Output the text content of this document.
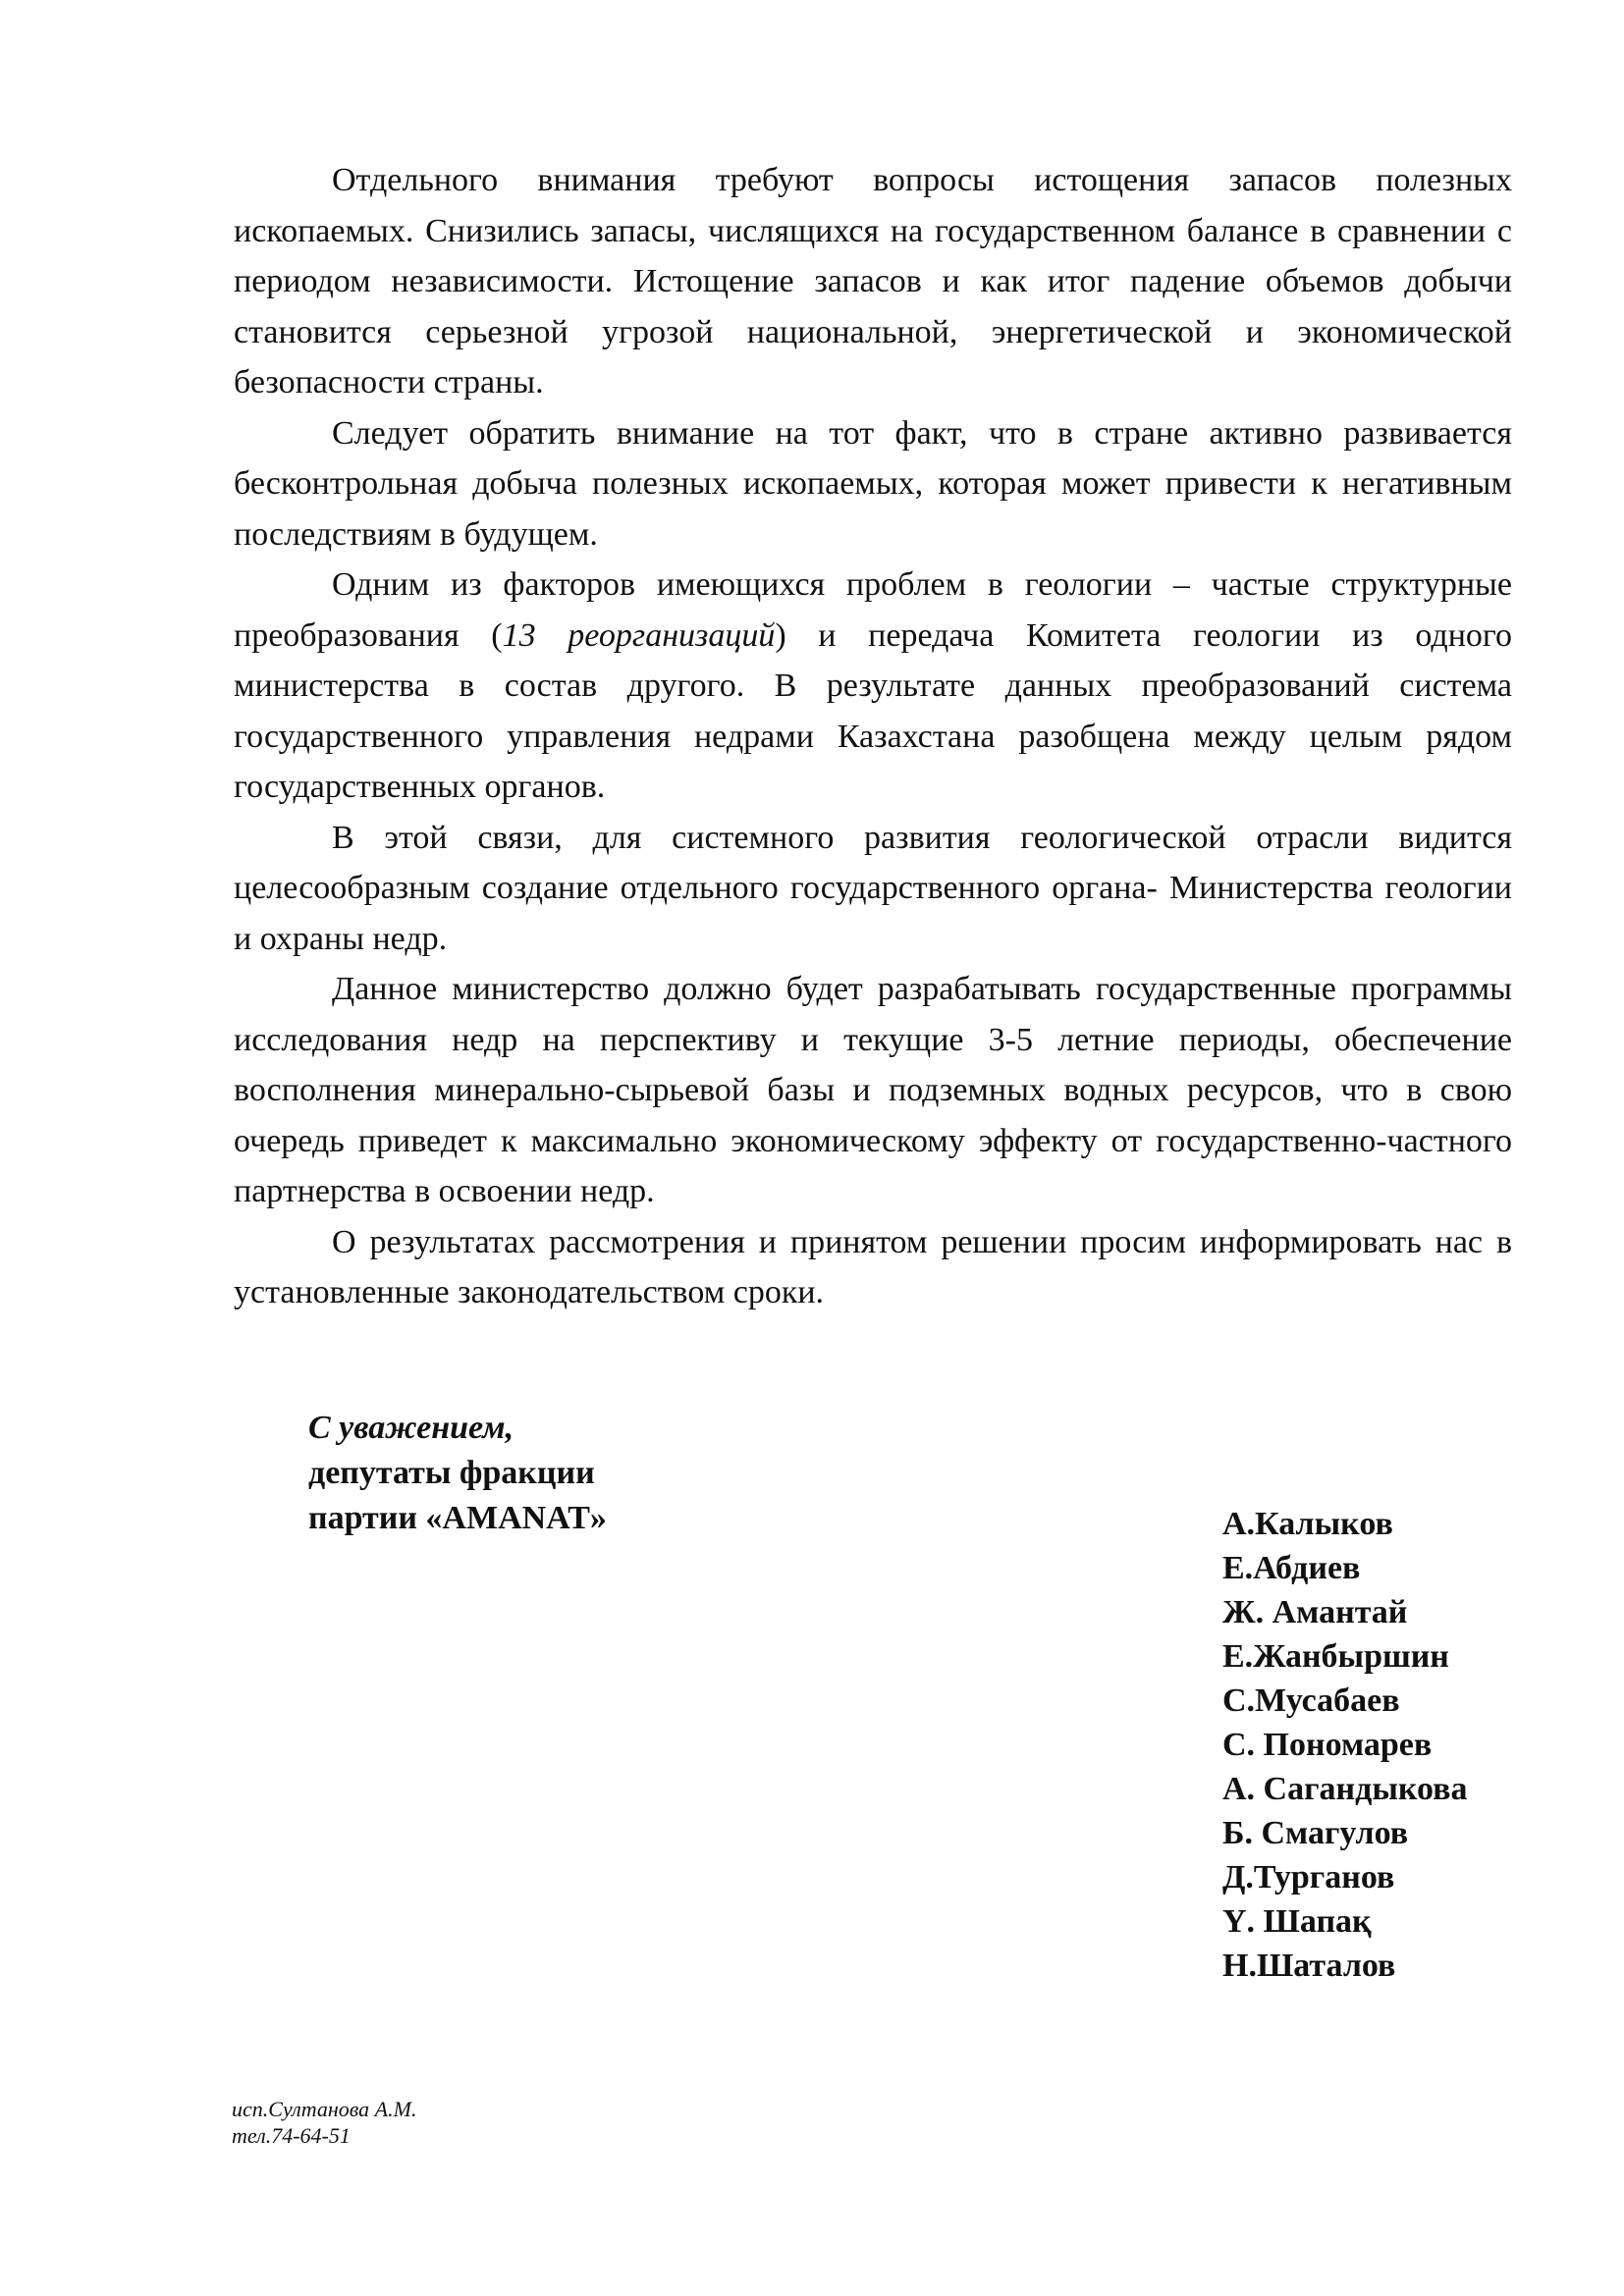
Отдельного внимания требуют вопросы истощения запасов полезных ископаемых. Снизились запасы, числящихся на государственном балансе в сравнении с периодом независимости. Истощение запасов и как итог падение объемов добычи становится серьезной угрозой национальной, энергетической и экономической безопасности страны.

Следует обратить внимание на тот факт, что в стране активно развивается бесконтрольная добыча полезных ископаемых, которая может привести к негативным последствиям в будущем.

Одним из факторов имеющихся проблем в геологии – частые структурные преобразования (13 реорганизаций) и передача Комитета геологии из одного министерства в состав другого. В результате данных преобразований система государственного управления недрами Казахстана разобщена между целым рядом государственных органов.

В этой связи, для системного развития геологической отрасли видится целесообразным создание отдельного государственного органа- Министерства геологии и охраны недр.

Данное министерство должно будет разрабатывать государственные программы исследования недр на перспективу и текущие 3-5 летние периоды, обеспечение восполнения минерально-сырьевой базы и подземных водных ресурсов, что в свою очередь приведет к максимально экономическому эффекту от государственно-частного партнерства в освоении недр.

О результатах рассмотрения и принятом решении просим информировать нас в установленные законодательством сроки.

С уважением,
депутаты фракции
партии «AMANAT»	А.Калыков
Е.Абдиев
Ж. Амантай
Е.Жанбыршин
С.Мусабаев
С. Пономарев
А. Сагандыкова
Б. Смагулов
Д.Турганов
Ү. Шапақ
Н.Шаталов
исп.Султанова А.М.
тел.74-64-51
